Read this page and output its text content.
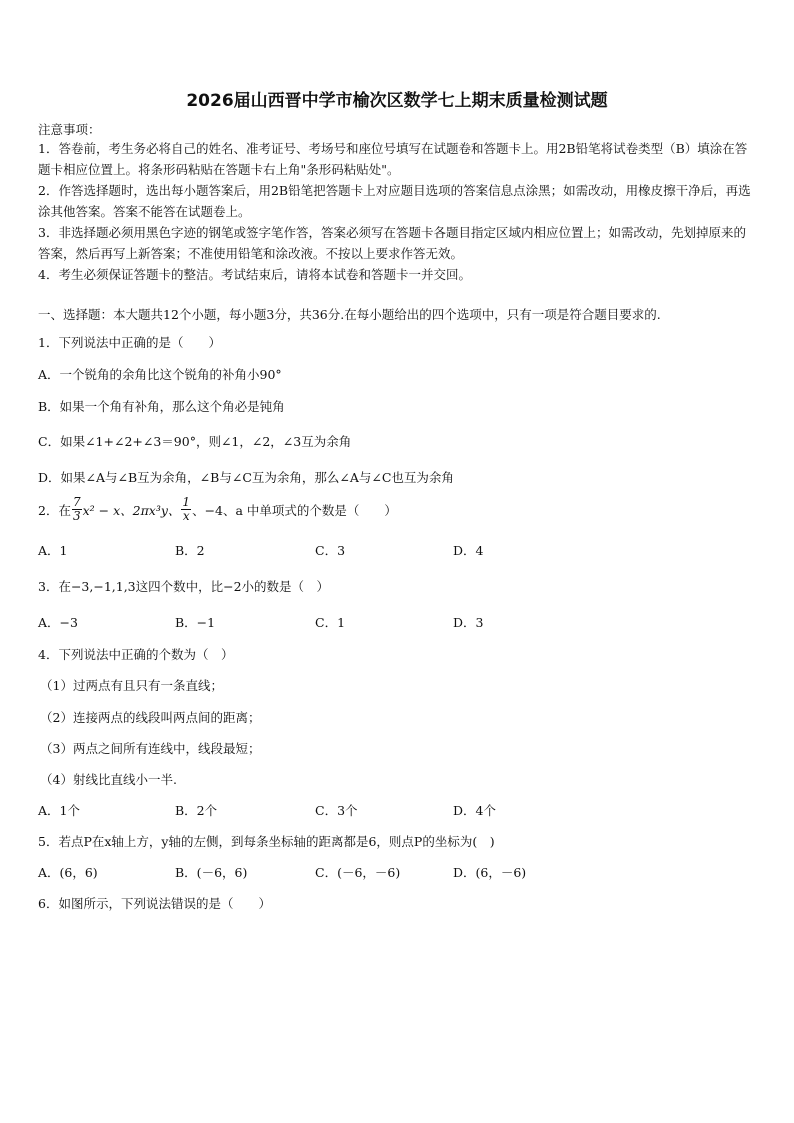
2026届山西晋中学市榆次区数学七上期末质量检测试题
注意事项：
1．答卷前，考生务必将自己的姓名、准考证号、考场号和座位号填写在试题卷和答题卡上。用2B铅笔将试卷类型（B）填涂在答题卡相应位置上。将条形码粘贴在答题卡右上角"条形码粘贴处"。
2．作答选择题时，选出每小题答案后，用2B铅笔把答题卡上对应题目选项的答案信息点涂黑；如需改动，用橡皮擦干净后，再选涂其他答案。答案不能答在试题卷上。
3．非选择题必须用黑色字迹的钢笔或签字笔作答，答案必须写在答题卡各题目指定区域内相应位置上；如需改动，先划掉原来的答案，然后再写上新答案；不准使用铅笔和涂改液。不按以上要求作答无效。
4．考生必须保证答题卡的整洁。考试结束后，请将本试卷和答题卡一并交回。
一、选择题：本大题共12个小题，每小题3分，共36分.在每小题给出的四个选项中，只有一项是符合题目要求的.
1．下列说法中正确的是（　　）
A．一个锐角的余角比这个锐角的补角小90°
B．如果一个角有补角，那么这个角必是钝角
C．如果∠1+∠2+∠3＝90°，则∠1，∠2，∠3互为余角
D．如果∠A与∠B互为余角，∠B与∠C互为余角，那么∠A与∠C也互为余角
2．在 $\frac{7}{3} x^2 - x$、2πx³y、 $\frac{1}{x}$ 、−4、a 中单项式的个数是（　　）
A．1	B．2	C．3	D．4
3．在−3,−1,1,3这四个数中，比−2小的数是（　）
A．−3	B．−1	C．1	D．3
4．下列说法中正确的个数为（　）
（1）过两点有且只有一条直线；
（2）连接两点的线段叫两点间的距离；
（3）两点之间所有连线中，线段最短；
（4）射线比直线小一半.
A．1个	B．2个	C．3个	D．4个
5．若点P在x轴上方，y轴的左侧，到每条坐标轴的距离都是6，则点P的坐标为(　)
A．(6，6)	B．(－6，6)	C．(－6，－6)	D．(6，－6)
6．如图所示，下列说法错误的是（　　）
